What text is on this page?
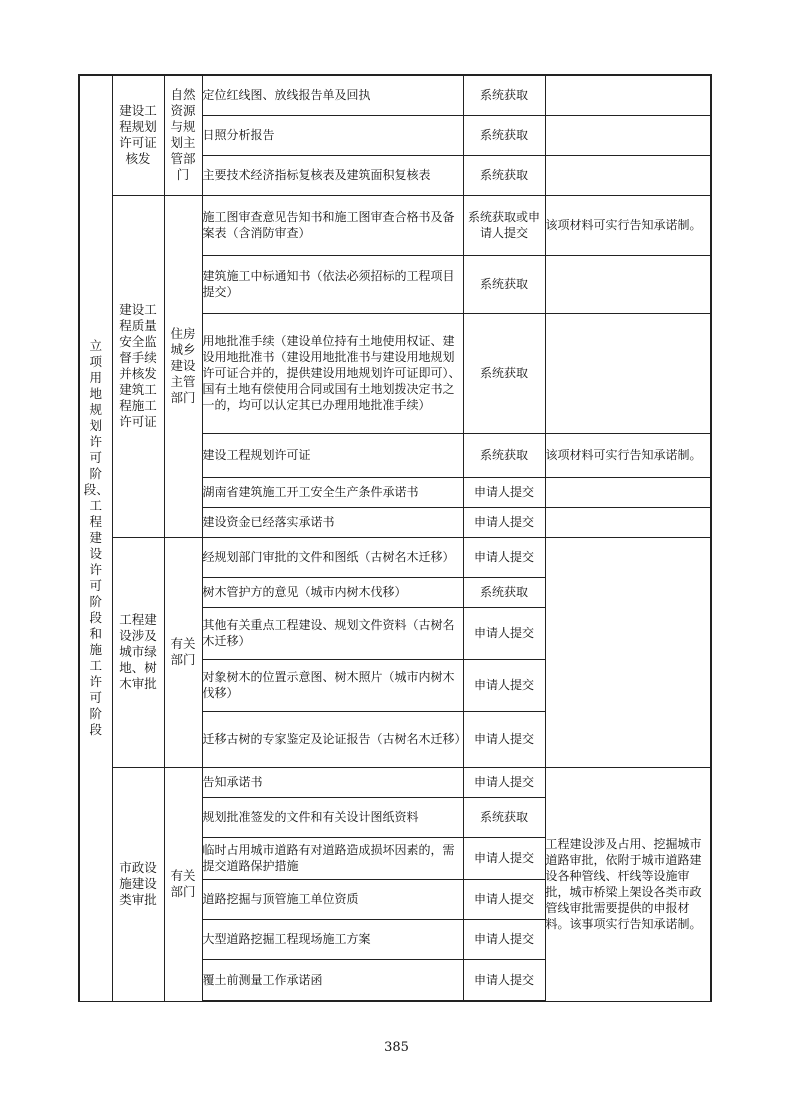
立项用地规划许可阶段、工程建设许可阶段和施工许可阶段	建设工程规划许可证核发	自然资源与规划主管部门	定位红线图、放线报告单及回执	系统获取	
			日照分析报告	系统获取	
			主要技术经济指标复核表及建筑面积复核表	系统获取	

	建设工程质量安全监督手续并核发建筑工程施工许可证	住房城乡建设主管部门	施工图审查意见告知书和施工图审查合格书及备案表（含消防审查）	系统获取或申请人提交	该项材料可实行告知承诺制。
			建筑施工中标通知书（依法必须招标的工程项目提交）	系统获取	
			用地批准手续（建设单位持有土地使用权证、建设用地批准书（建设用地批准书与建设用地规划许可证合并的，提供建设用地规划许可证即可）、国有土地有偿使用合同或国有土地划拨决定书之一的，均可以认定其已办理用地批准手续）	系统获取	
			建设工程规划许可证	系统获取	该项材料可实行告知承诺制。
			湖南省建筑施工开工安全生产条件承诺书	申请人提交	
			建设资金已经落实承诺书	申请人提交	

	工程建设涉及城市绿地、树木审批	有关部门	经规划部门审批的文件和图纸（古树名木迁移）	申请人提交	
			树木管护方的意见（城市内树木伐移）	系统获取	
			其他有关重点工程建设、规划文件资料（古树名木迁移）	申请人提交	
			对象树木的位置示意图、树木照片（城市内树木伐移）	申请人提交	
			迁移古树的专家鉴定及论证报告（古树名木迁移）	申请人提交	

	市政设施建设类审批	有关部门	告知承诺书	申请人提交	工程建设涉及占用、挖掘城市道路审批，依附于城市道路建设各种管线、杆线等设施审批，城市桥梁上架设各类市政管线审批需要提供的申报材料。该事项实行告知承诺制。
			规划批准签发的文件和有关设计图纸资料	系统获取	
			临时占用城市道路有对道路造成损坏因素的，需提交道路保护措施	申请人提交	
			道路挖掘与顶管施工单位资质	申请人提交	
			大型道路挖掘工程现场施工方案	申请人提交	
			覆土前测量工作承诺函	申请人提交	
385
